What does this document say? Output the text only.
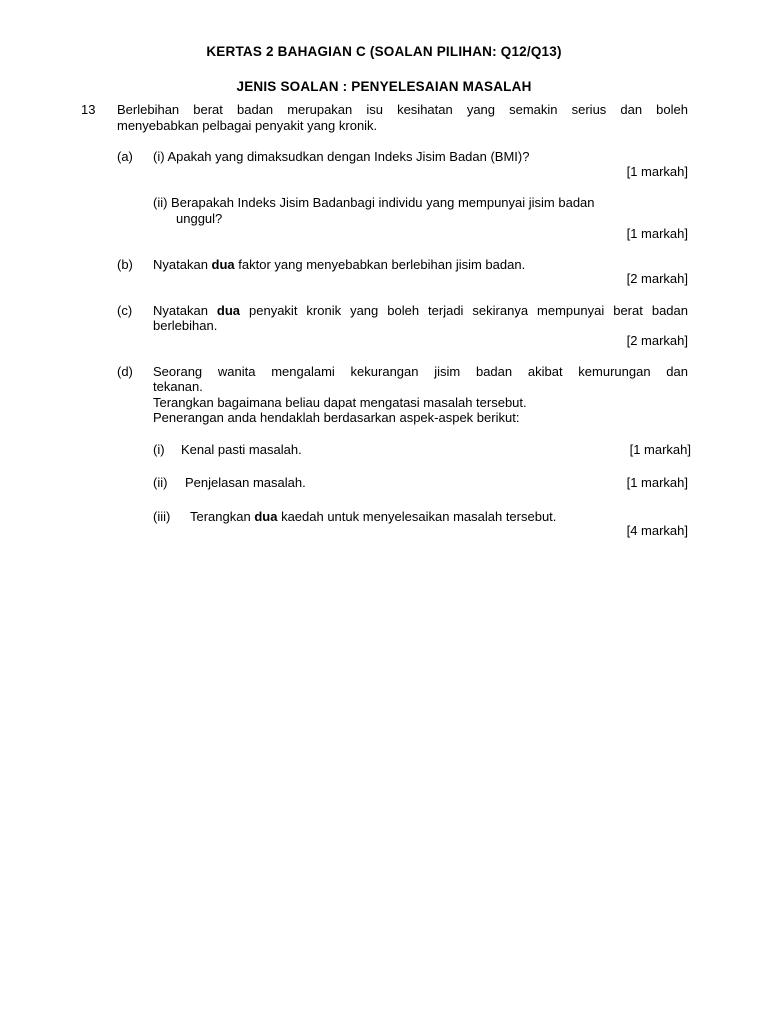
KERTAS 2 BAHAGIAN C (SOALAN PILIHAN: Q12/Q13)
JENIS SOALAN : PENYELESAIAN MASALAH
13 Berlebihan berat badan merupakan isu kesihatan yang semakin serius dan boleh
menyebabkan pelbagai penyakit yang kronik.
(a) (i) Apakah yang dimaksudkan dengan Indeks Jisim Badan (BMI)?
[1 markah]
(ii) Berapakah Indeks Jisim Badanbagi individu yang mempunyai jisim badan
unggul?
[1 markah]
(b) Nyatakan dua faktor yang menyebabkan berlebihan jisim badan.
[2 markah]
(c) Nyatakan dua penyakit kronik yang boleh terjadi sekiranya mempunyai berat badan
berlebihan.
[2 markah]
(d) Seorang wanita mengalami kekurangan jisim badan akibat kemurungan dan
tekanan.
Terangkan bagaimana beliau dapat mengatasi masalah tersebut.
Penerangan anda hendaklah berdasarkan aspek-aspek berikut:
(i) Kenal pasti masalah.	[1 markah]
(ii) Penjelasan masalah.	[1 markah]
(iii) Terangkan dua kaedah untuk menyelesaikan masalah tersebut.
[4 markah]
